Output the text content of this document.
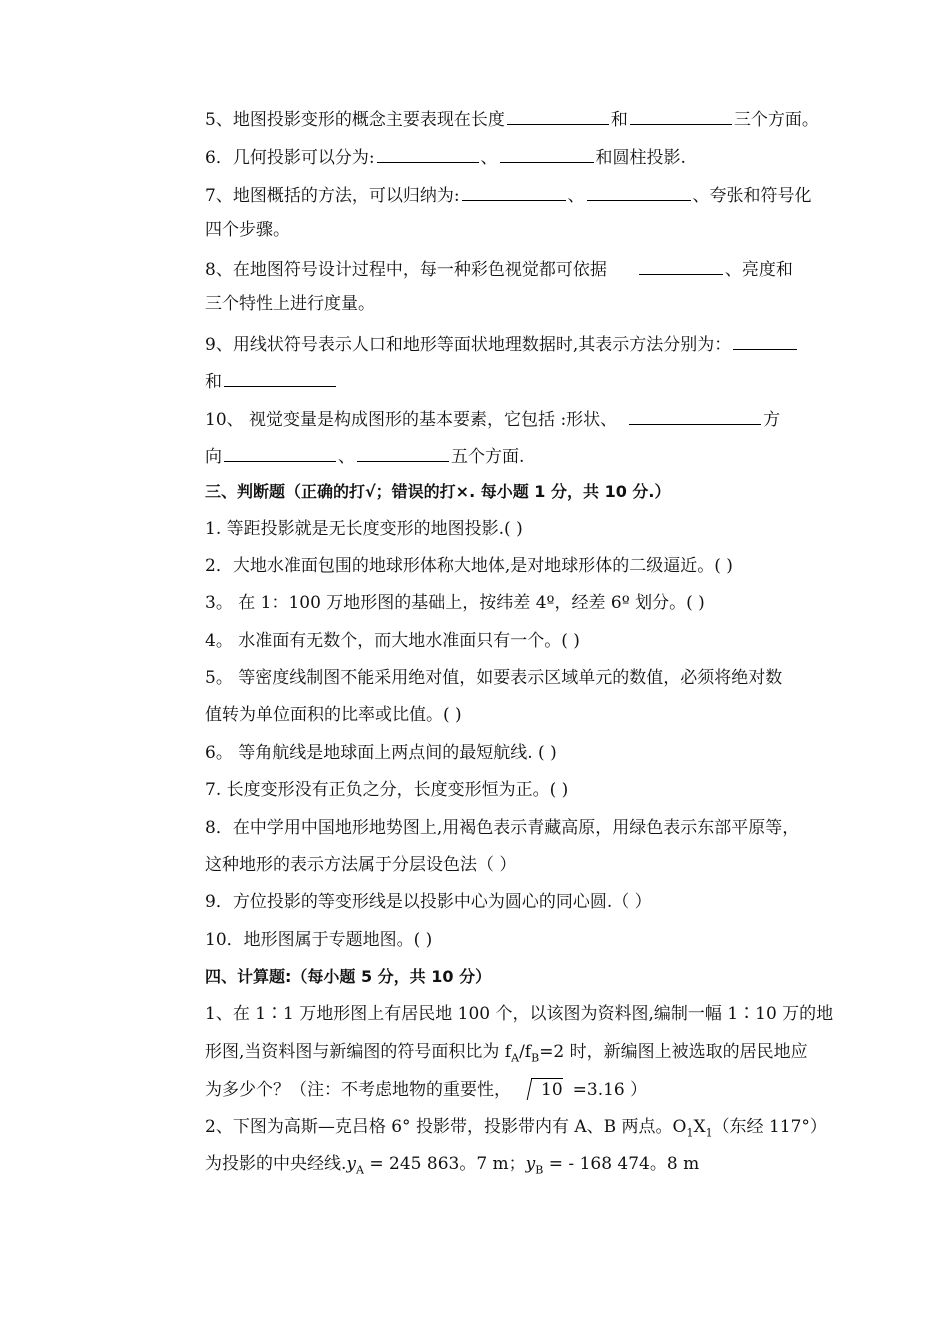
5、地图投影变形的概念主要表现在长度	和	三个方面。
6．几何投影可以分为:	、	和圆柱投影.
7、地图概括的方法，可以归纳为:	、	、夸张和符号化
四个步骤。
8、在地图符号设计过程中，每一种彩色视觉都可依据	、亮度和
三个特性上进行度量。
9、用线状符号表示人口和地形等面状地理数据时,其表示方法分别为：
和
10、 视觉变量是构成图形的基本要素，它包括 :形状、	方
向	、	五个方面.
三、判断题（正确的打√；错误的打×. 每小题 1 分，共 10 分.）
1. 等距投影就是无长度变形的地图投影.( )
2．大地水准面包围的地球形体称大地体,是对地球形体的二级逼近。( )
3。 在 1：100 万地形图的基础上，按纬差 4º，经差 6º 划分。( )
4。 水准面有无数个，而大地水准面只有一个。( )
5。 等密度线制图不能采用绝对值，如要表示区域单元的数值，必须将绝对数
值转为单位面积的比率或比值。( )
6。 等角航线是地球面上两点间的最短航线. ( )
7. 长度变形没有正负之分，长度变形恒为正。( )
8．在中学用中国地形地势图上,用褐色表示青藏高原，用绿色表示东部平原等，
这种地形的表示方法属于分层设色法（ ）
9．方位投影的等变形线是以投影中心为圆心的同心圆.（ ）
10．地形图属于专题地图。( )
四、计算题:（每小题 5 分，共 10 分）
1、在 1∶1 万地形图上有居民地 100 个，以该图为资料图,编制一幅 1∶10 万的地
形图,当资料图与新编图的符号面积比为 $f_A/f_B=2$ 时，新编图上被选取的居民地应
为多少个？（注：不考虑地物的重要性， 10 =3.16 ）
2、下图为高斯—克吕格 6° 投影带，投影带内有 A、B 两点。$O_1X_1$（东经 117°）
为投影的中央经线$.y_A = 245$ 863。7 m；$y_B$ = - 168 474。8 m
